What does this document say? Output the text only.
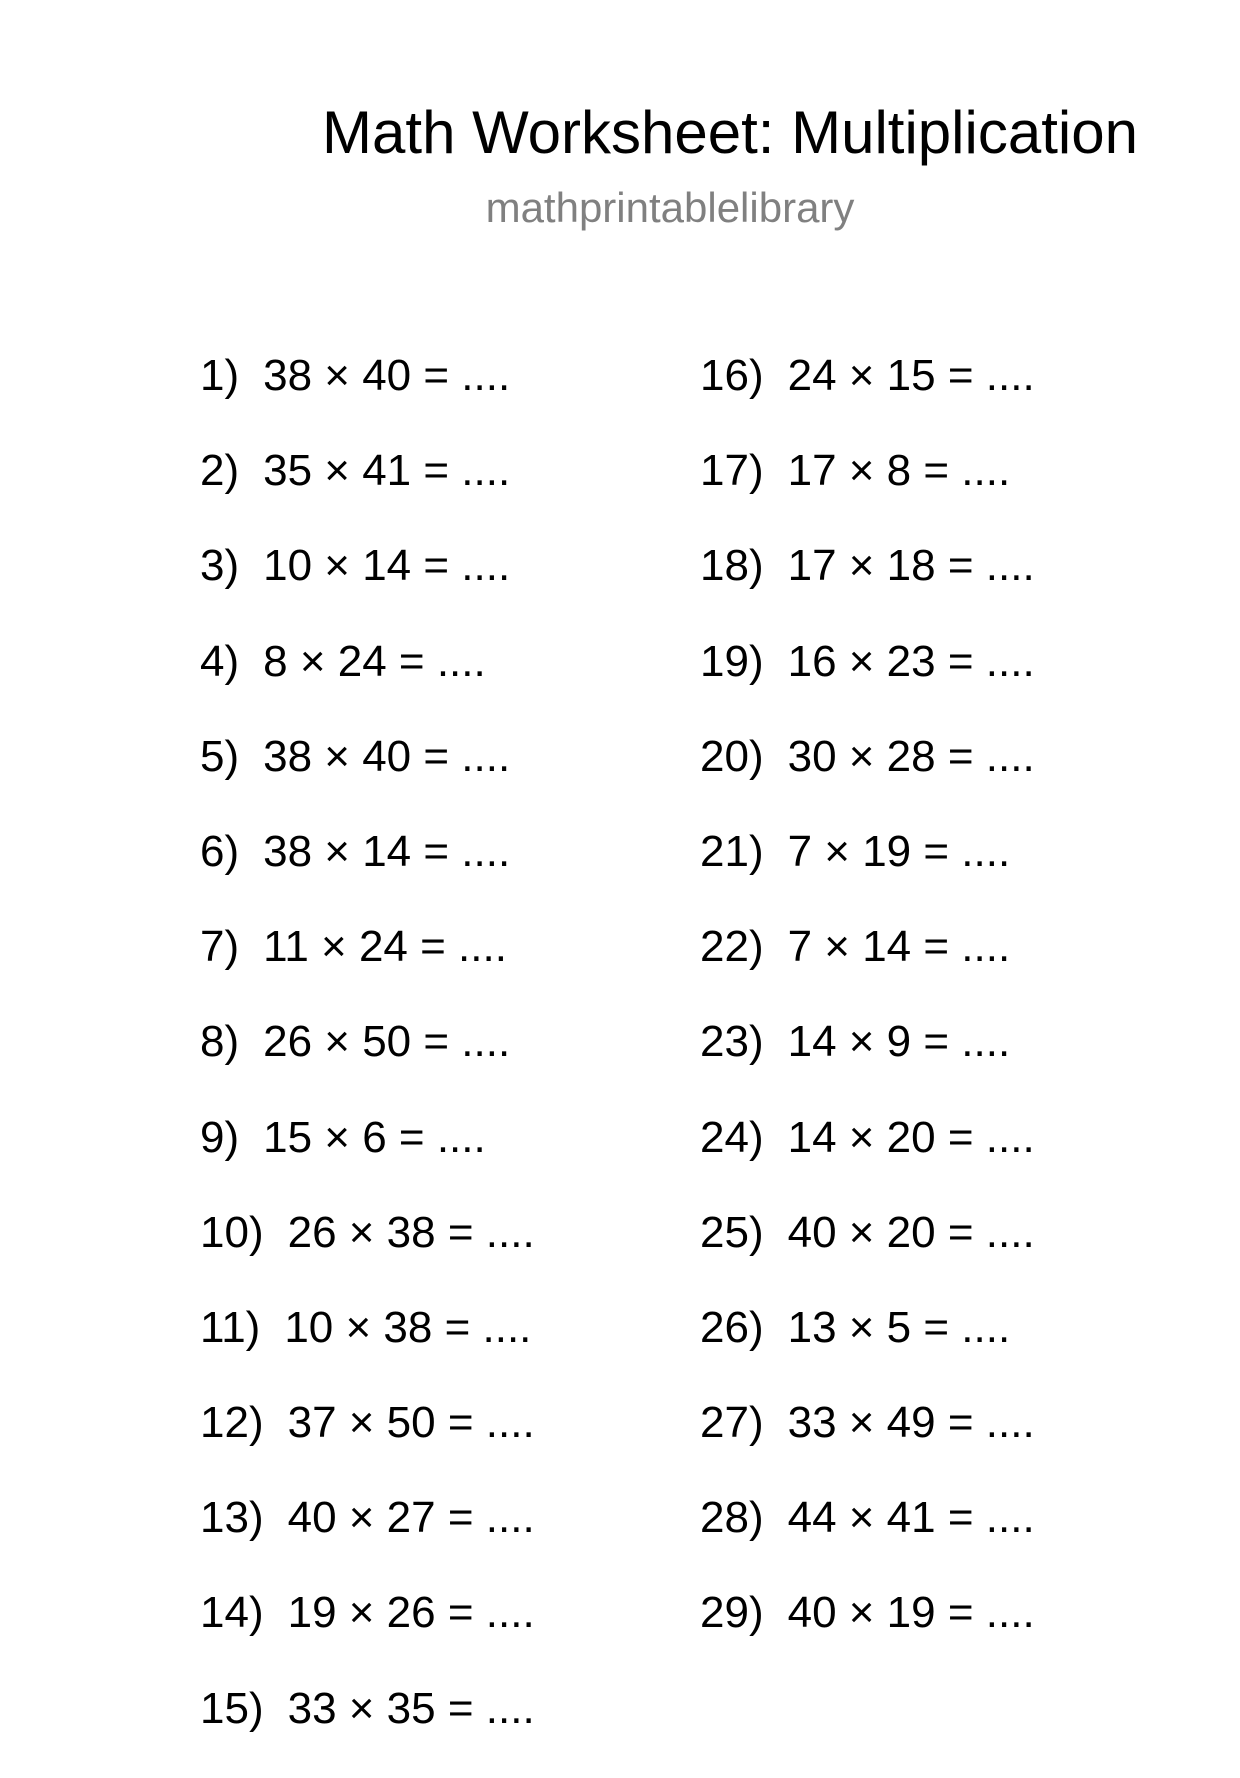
Math Worksheet: Multiplication
mathprintablelibrary
1) 38 × 40 = ....
2) 35 × 41 = ....
3) 10 × 14 = ....
4) 8 × 24 = ....
5) 38 × 40 = ....
6) 38 × 14 = ....
7) 11 × 24 = ....
8) 26 × 50 = ....
9) 15 × 6 = ....
10) 26 × 38 = ....
11) 10 × 38 = ....
12) 37 × 50 = ....
13) 40 × 27 = ....
14) 19 × 26 = ....
15) 33 × 35 = ....
16) 24 × 15 = ....
17) 17 × 8 = ....
18) 17 × 18 = ....
19) 16 × 23 = ....
20) 30 × 28 = ....
21) 7 × 19 = ....
22) 7 × 14 = ....
23) 14 × 9 = ....
24) 14 × 20 = ....
25) 40 × 20 = ....
26) 13 × 5 = ....
27) 33 × 49 = ....
28) 44 × 41 = ....
29) 40 × 19 = ....
